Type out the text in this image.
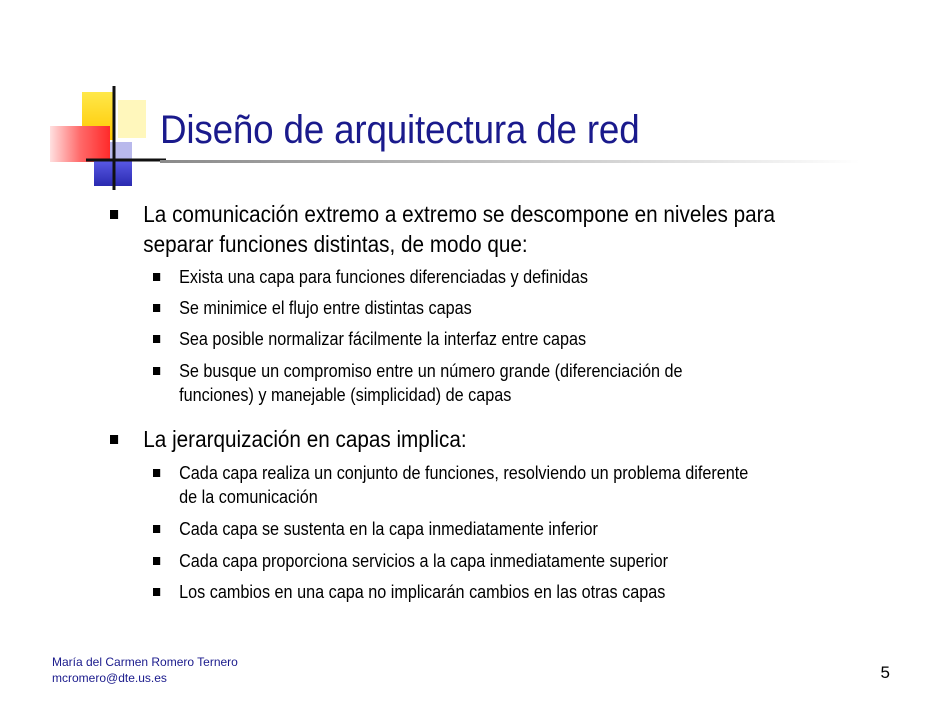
Diseño de arquitectura de red
La comunicación extremo a extremo se descompone en niveles para
separar funciones distintas, de modo que:
Exista una capa para funciones diferenciadas y definidas
Se minimice el flujo entre distintas capas
Sea posible normalizar fácilmente la interfaz entre capas
Se busque un compromiso entre un número grande (diferenciación de
funciones) y manejable (simplicidad) de capas
La jerarquización en capas implica:
Cada capa realiza un conjunto de funciones, resolviendo un problema diferente
de la comunicación
Cada capa se sustenta en la capa inmediatamente inferior
Cada capa proporciona servicios a la capa inmediatamente superior
Los cambios en una capa no implicarán cambios en las otras capas
María del Carmen Romero Ternero
mcromero@dte.us.es	5
